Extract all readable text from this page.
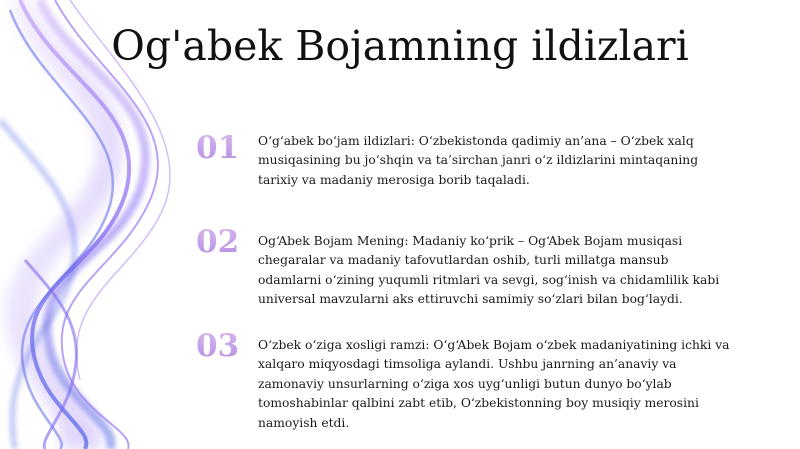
Og'abek Bojamning ildizlari
01	O‘g‘abek bo‘jam ildizlari: O‘zbekistonda qadimiy an’ana – O‘zbek xalq musiqasining bu jo‘shqin va ta’sirchan janri o‘z ildizlarini mintaqaning tarixiy va madaniy merosiga borib taqaladi.
02	Og‘Abek Bojam Mening: Madaniy ko‘prik – Og‘Abek Bojam musiqasi chegaralar va madaniy tafovutlardan oshib, turli millatga mansub odamlarni o‘zining yuqumli ritmlari va sevgi, sog‘inish va chidamlilik kabi universal mavzularni aks ettiruvchi samimiy so‘zlari bilan bog‘laydi.
03	O‘zbek o‘ziga xosligi ramzi: O‘g‘Abek Bojam o‘zbek madaniyatining ichki va xalqaro miqyosdagi timsoliga aylandi. Ushbu janrning an’anaviy va zamonaviy unsurlarning o‘ziga xos uyg‘unligi butun dunyo bo‘ylab tomoshabinlar qalbini zabt etib, O‘zbekistonning boy musiqiy merosini namoyish etdi.
